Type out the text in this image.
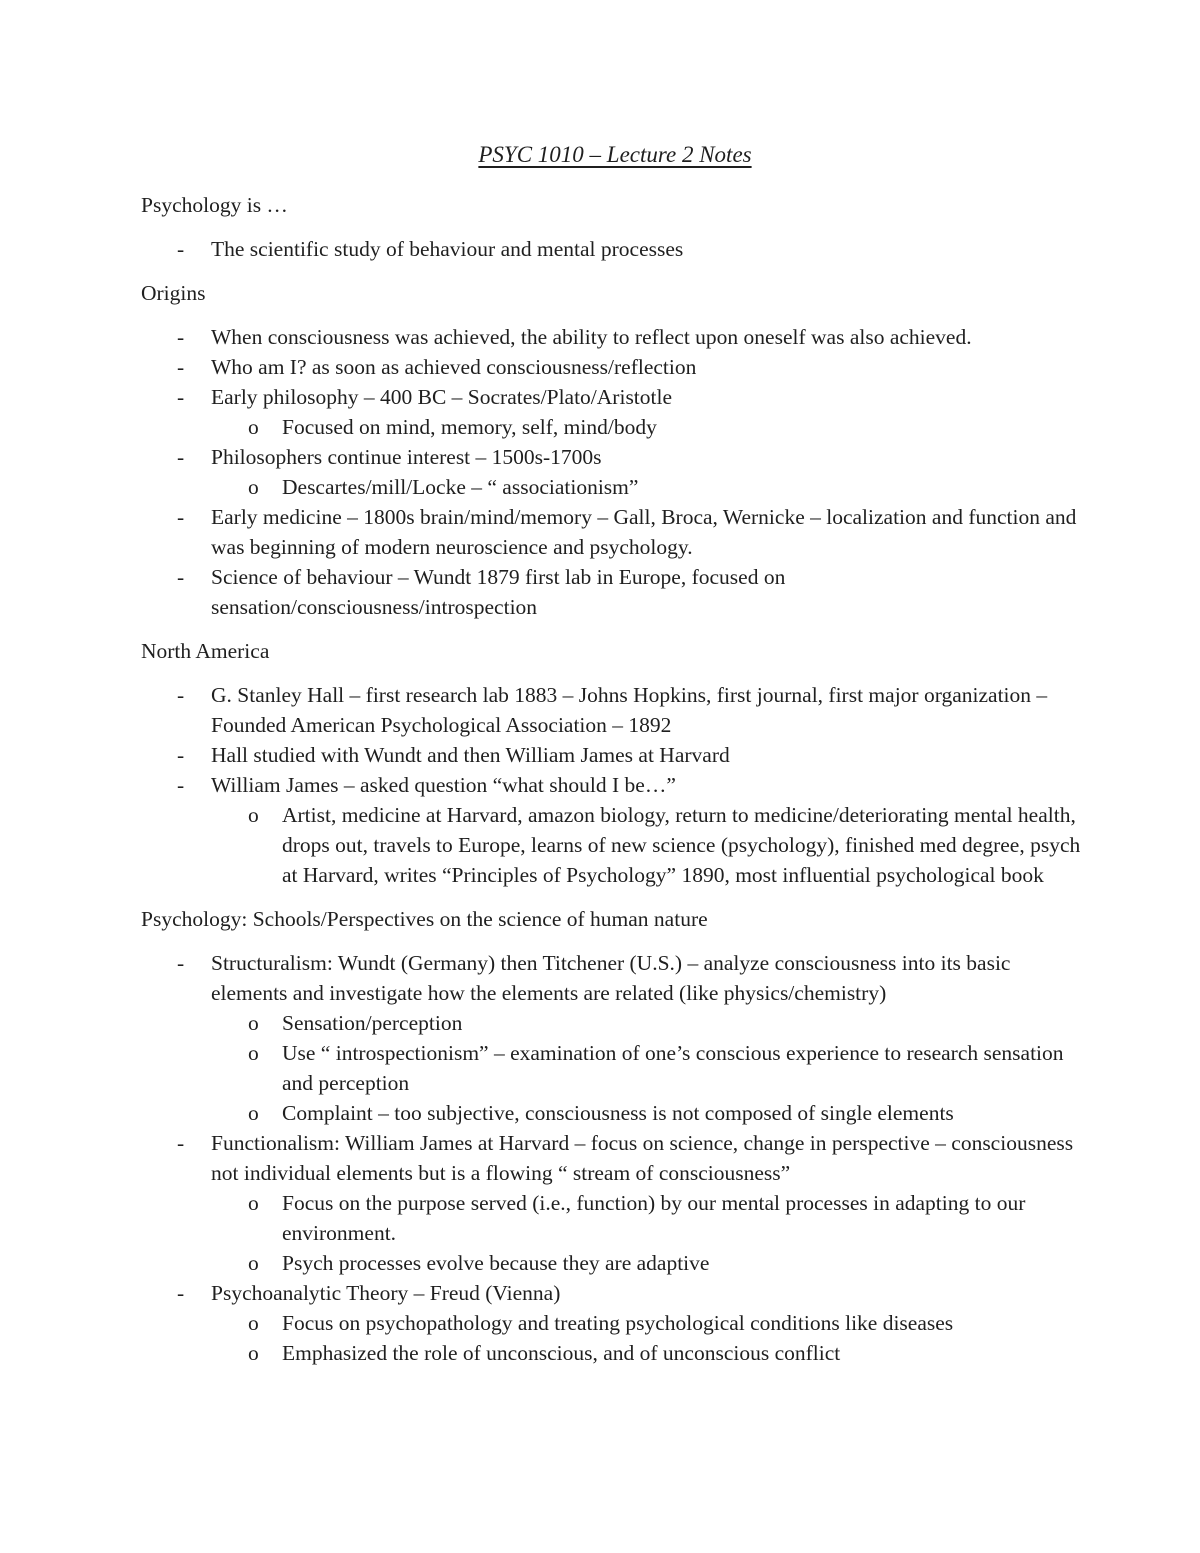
PSYC 1010 – Lecture 2 Notes
Psychology is …
- The scientific study of behaviour and mental processes
Origins
- When consciousness was achieved, the ability to reflect upon oneself was also achieved.
- Who am I? as soon as achieved consciousness/reflection
- Early philosophy – 400 BC – Socrates/Plato/Aristotle
o Focused on mind, memory, self, mind/body
- Philosophers continue interest – 1500s-1700s
o Descartes/mill/Locke – “ associationism”
- Early medicine – 1800s brain/mind/memory – Gall, Broca, Wernicke – localization and function and was beginning of modern neuroscience and psychology.
- Science of behaviour – Wundt 1879 first lab in Europe, focused on sensation/consciousness/introspection
North America
- G. Stanley Hall – first research lab 1883 – Johns Hopkins, first journal, first major organization – Founded American Psychological Association – 1892
- Hall studied with Wundt and then William James at Harvard
- William James – asked question “what should I be…”
o Artist, medicine at Harvard, amazon biology, return to medicine/deteriorating mental health, drops out, travels to Europe, learns of new science (psychology), finished med degree, psych at Harvard, writes “Principles of Psychology” 1890, most influential psychological book
Psychology: Schools/Perspectives on the science of human nature
- Structuralism: Wundt (Germany) then Titchener (U.S.) – analyze consciousness into its basic elements and investigate how the elements are related (like physics/chemistry)
o Sensation/perception
o Use “ introspectionism” – examination of one’s conscious experience to research sensation and perception
o Complaint – too subjective, consciousness is not composed of single elements
- Functionalism: William James at Harvard – focus on science, change in perspective – consciousness not individual elements but is a flowing “ stream of consciousness”
o Focus on the purpose served (i.e., function) by our mental processes in adapting to our environment.
o Psych processes evolve because they are adaptive
- Psychoanalytic Theory – Freud (Vienna)
o Focus on psychopathology and treating psychological conditions like diseases
o Emphasized the role of unconscious, and of unconscious conflict
